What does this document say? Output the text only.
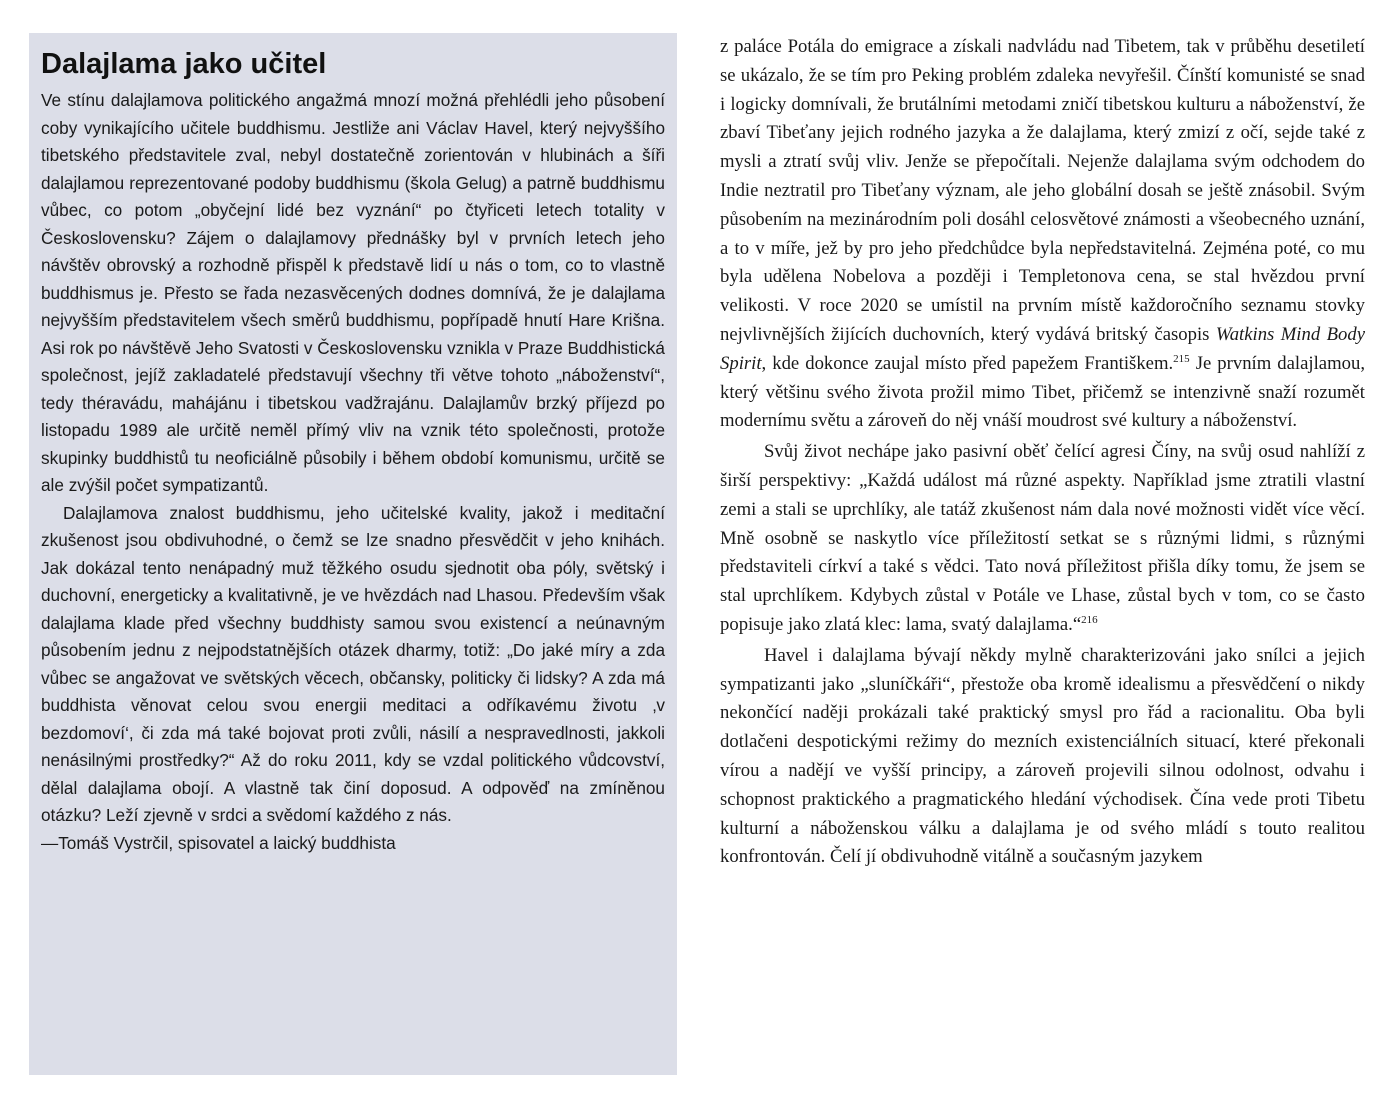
Dalajlama jako učitel

Ve stínu dalajlamova politického angažmá mnozí možná přehlédli jeho působení coby vynikajícího učitele buddhismu. Jestliže ani Václav Havel, který nejvyššího tibetského představitele zval, nebyl dostatečně zorientován v hlubinách a šíři dalajlamou reprezentované podoby buddhismu (škola Gelug) a patrně buddhismu vůbec, co potom „obyčejní lidé bez vyznání“ po čtyřiceti letech totality v Československu? Zájem o dalajlamovy přednášky byl v prvních letech jeho návštěv obrovský a rozhodně přispěl k představě lidí u nás o tom, co to vlastně buddhismus je. Přesto se řada nezasvěcených dodnes domnívá, že je dalajlama nejvyšším představitelem všech směrů buddhismu, popřípadě hnutí Hare Krišna. Asi rok po návštěvě Jeho Svatosti v Československu vznikla v Praze Buddhistická společnost, jejíž zakladatelé představují všechny tři větve tohoto „náboženství“, tedy théravádu, mahájánu i tibetskou vadžrajánu. Dalajlamův brzký příjezd po listopadu 1989 ale určitě neměl přímý vliv na vznik této společnosti, protože skupinky buddhistů tu neoficiálně působily i během období komunismu, určitě se ale zvýšil počet sympatizantů.

Dalajlamova znalost buddhismu, jeho učitelské kvality, jakož i meditační zkušenost jsou obdivuhodné, o čemž se lze snadno přesvědčit v jeho knihách. Jak dokázal tento nenápadný muž těžkého osudu sjednotit oba póly, světský i duchovní, energeticky a kvalitativně, je ve hvězdách nad Lhasou. Především však dalajlama klade před všechny buddhisty samou svou existencí a neúnavným působením jednu z nejpodstatnějších otázek dharmy, totiž: „Do jaké míry a zda vůbec se angažovat ve světských věcech, občansky, politicky či lidsky? A zda má buddhista věnovat celou svou energii meditaci a odříkavému životu ‚v bezdomoví‘, či zda má také bojovat proti zvůli, násilí a nespravedlnosti, jakkoli nenásilnými prostředky?“ Až do roku 2011, kdy se vzdal politického vůdcovství, dělal dalajlama obojí. A vlastně tak činí doposud. A odpověď na zmíněnou otázku? Leží zjevně v srdci a svědomí každého z nás.

—Tomáš Vystrčil, spisovatel a laický buddhista

z paláce Potála do emigrace a získali nadvládu nad Tibetem, tak v průběhu desetiletí se ukázalo, že se tím pro Peking problém zdaleka nevyřešil. Čínští komunisté se snad i logicky domnívali, že brutálními metodami zničí tibetskou kulturu a náboženství, že zbaví Tibeťany jejich rodného jazyka a že dalajlama, který zmizí z očí, sejde také z mysli a ztratí svůj vliv. Jenže se přepočítali. Nejenže dalajlama svým odchodem do Indie neztratil pro Tibeťany význam, ale jeho globální dosah se ještě znásobil. Svým působením na mezinárodním poli dosáhl celosvětové známosti a všeobecného uznání, a to v míře, jež by pro jeho předchůdce byla nepředstavitelná. Zejména poté, co mu byla udělena Nobelova a později i Templetonova cena, se stal hvězdou první velikosti. V roce 2020 se umístil na prvním místě každoročního seznamu stovky nejvlivnějších žijících duchovních, který vydává britský časopis Watkins Mind Body Spirit, kde dokonce zaujal místo před papežem Františkem.$^{215}$ Je prvním dalajlamou, který většinu svého života prožil mimo Tibet, přičemž se intenzivně snaží rozumět modernímu světu a zároveň do něj vnáší moudrost své kultury a náboženství.

Svůj život nechápe jako pasivní oběť čelící agresi Číny, na svůj osud nahlíží z širší perspektivy: „Každá událost má různé aspekty. Například jsme ztratili vlastní zemi a stali se uprchlíky, ale tatáž zkušenost nám dala nové možnosti vidět více věcí. Mně osobně se naskytlo více příležitostí setkat se s různými lidmi, s různými představiteli církví a také s vědci. Tato nová příležitost přišla díky tomu, že jsem se stal uprchlíkem. Kdybych zůstal v Potále ve Lhase, zůstal bych v tom, co se často popisuje jako zlatá klec: lama, svatý dalajlama.“$^{216}$

Havel i dalajlama bývají někdy mylně charakterizováni jako snílci a jejich sympatizanti jako „sluníčkáři“, přestože oba kromě idealismu a přesvědčení o nikdy nekončící naději prokázali také praktický smysl pro řád a racionalitu. Oba byli dotlačeni despotickými režimy do mezních existenciálních situací, které překonali vírou a nadějí ve vyšší principy, a zároveň projevili silnou odolnost, odvahu i schopnost praktického a pragmatického hledání východisek. Čína vede proti Tibetu kulturní a náboženskou válku a dalajlama je od svého mládí s touto realitou konfrontován. Čelí jí obdivuhodně vitálně a současným jazykem
